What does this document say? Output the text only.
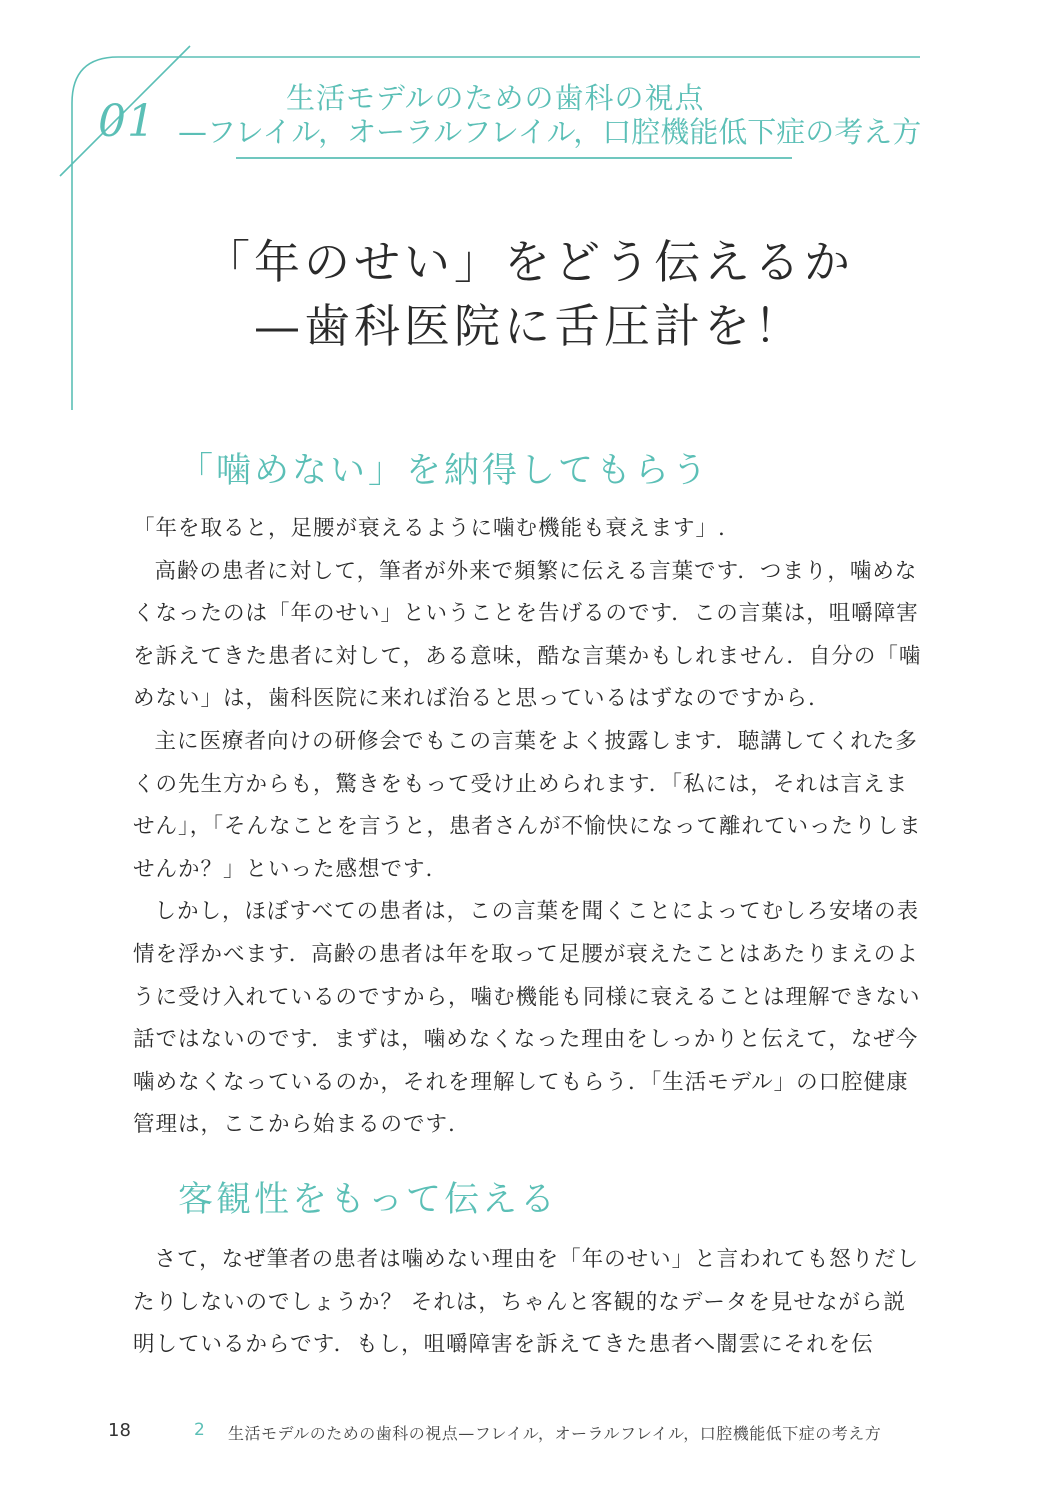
01	生活モデルのための歯科の視点
—フレイル，オーラルフレイル，口腔機能低下症の考え方
「年のせい」をどう伝えるか
—歯科医院に舌圧計を！
「噛めない」を納得してもらう

「年を取ると，足腰が衰えるように噛む機能も衰えます」.

高齢の患者に対して，筆者が外来で頻繁に伝える言葉です．つまり，噛めなくなったのは「年のせい」ということを告げるのです．この言葉は，咀嚼障害を訴えてきた患者に対して，ある意味，酷な言葉かもしれません．自分の「噛めない」は，歯科医院に来れば治ると思っているはずなのですから.

主に医療者向けの研修会でもこの言葉をよく披露します．聴講してくれた多くの先生方からも，驚きをもって受け止められます．「私には，それは言えません」，「そんなことを言うと，患者さんが不愉快になって離れていったりしませんか？」といった感想です.

しかし，ほぼすべての患者は，この言葉を聞くことによってむしろ安堵の表情を浮かべます．高齢の患者は年を取って足腰が衰えたことはあたりまえのように受け入れているのですから，噛む機能も同様に衰えることは理解できない話ではないのです．まずは，噛めなくなった理由をしっかりと伝えて，なぜ今噛めなくなっているのか，それを理解してもらう．「生活モデル」の口腔健康管理は，ここから始まるのです.

客観性をもって伝える

さて，なぜ筆者の患者は噛めない理由を「年のせい」と言われても怒りだしたりしないのでしょうか？ それは，ちゃんと客観的なデータを見せながら説明しているからです．もし，咀嚼障害を訴えてきた患者へ闇雲にそれを伝

18	2 生活モデルのための歯科の視点—フレイル，オーラルフレイル，口腔機能低下症の考え方
